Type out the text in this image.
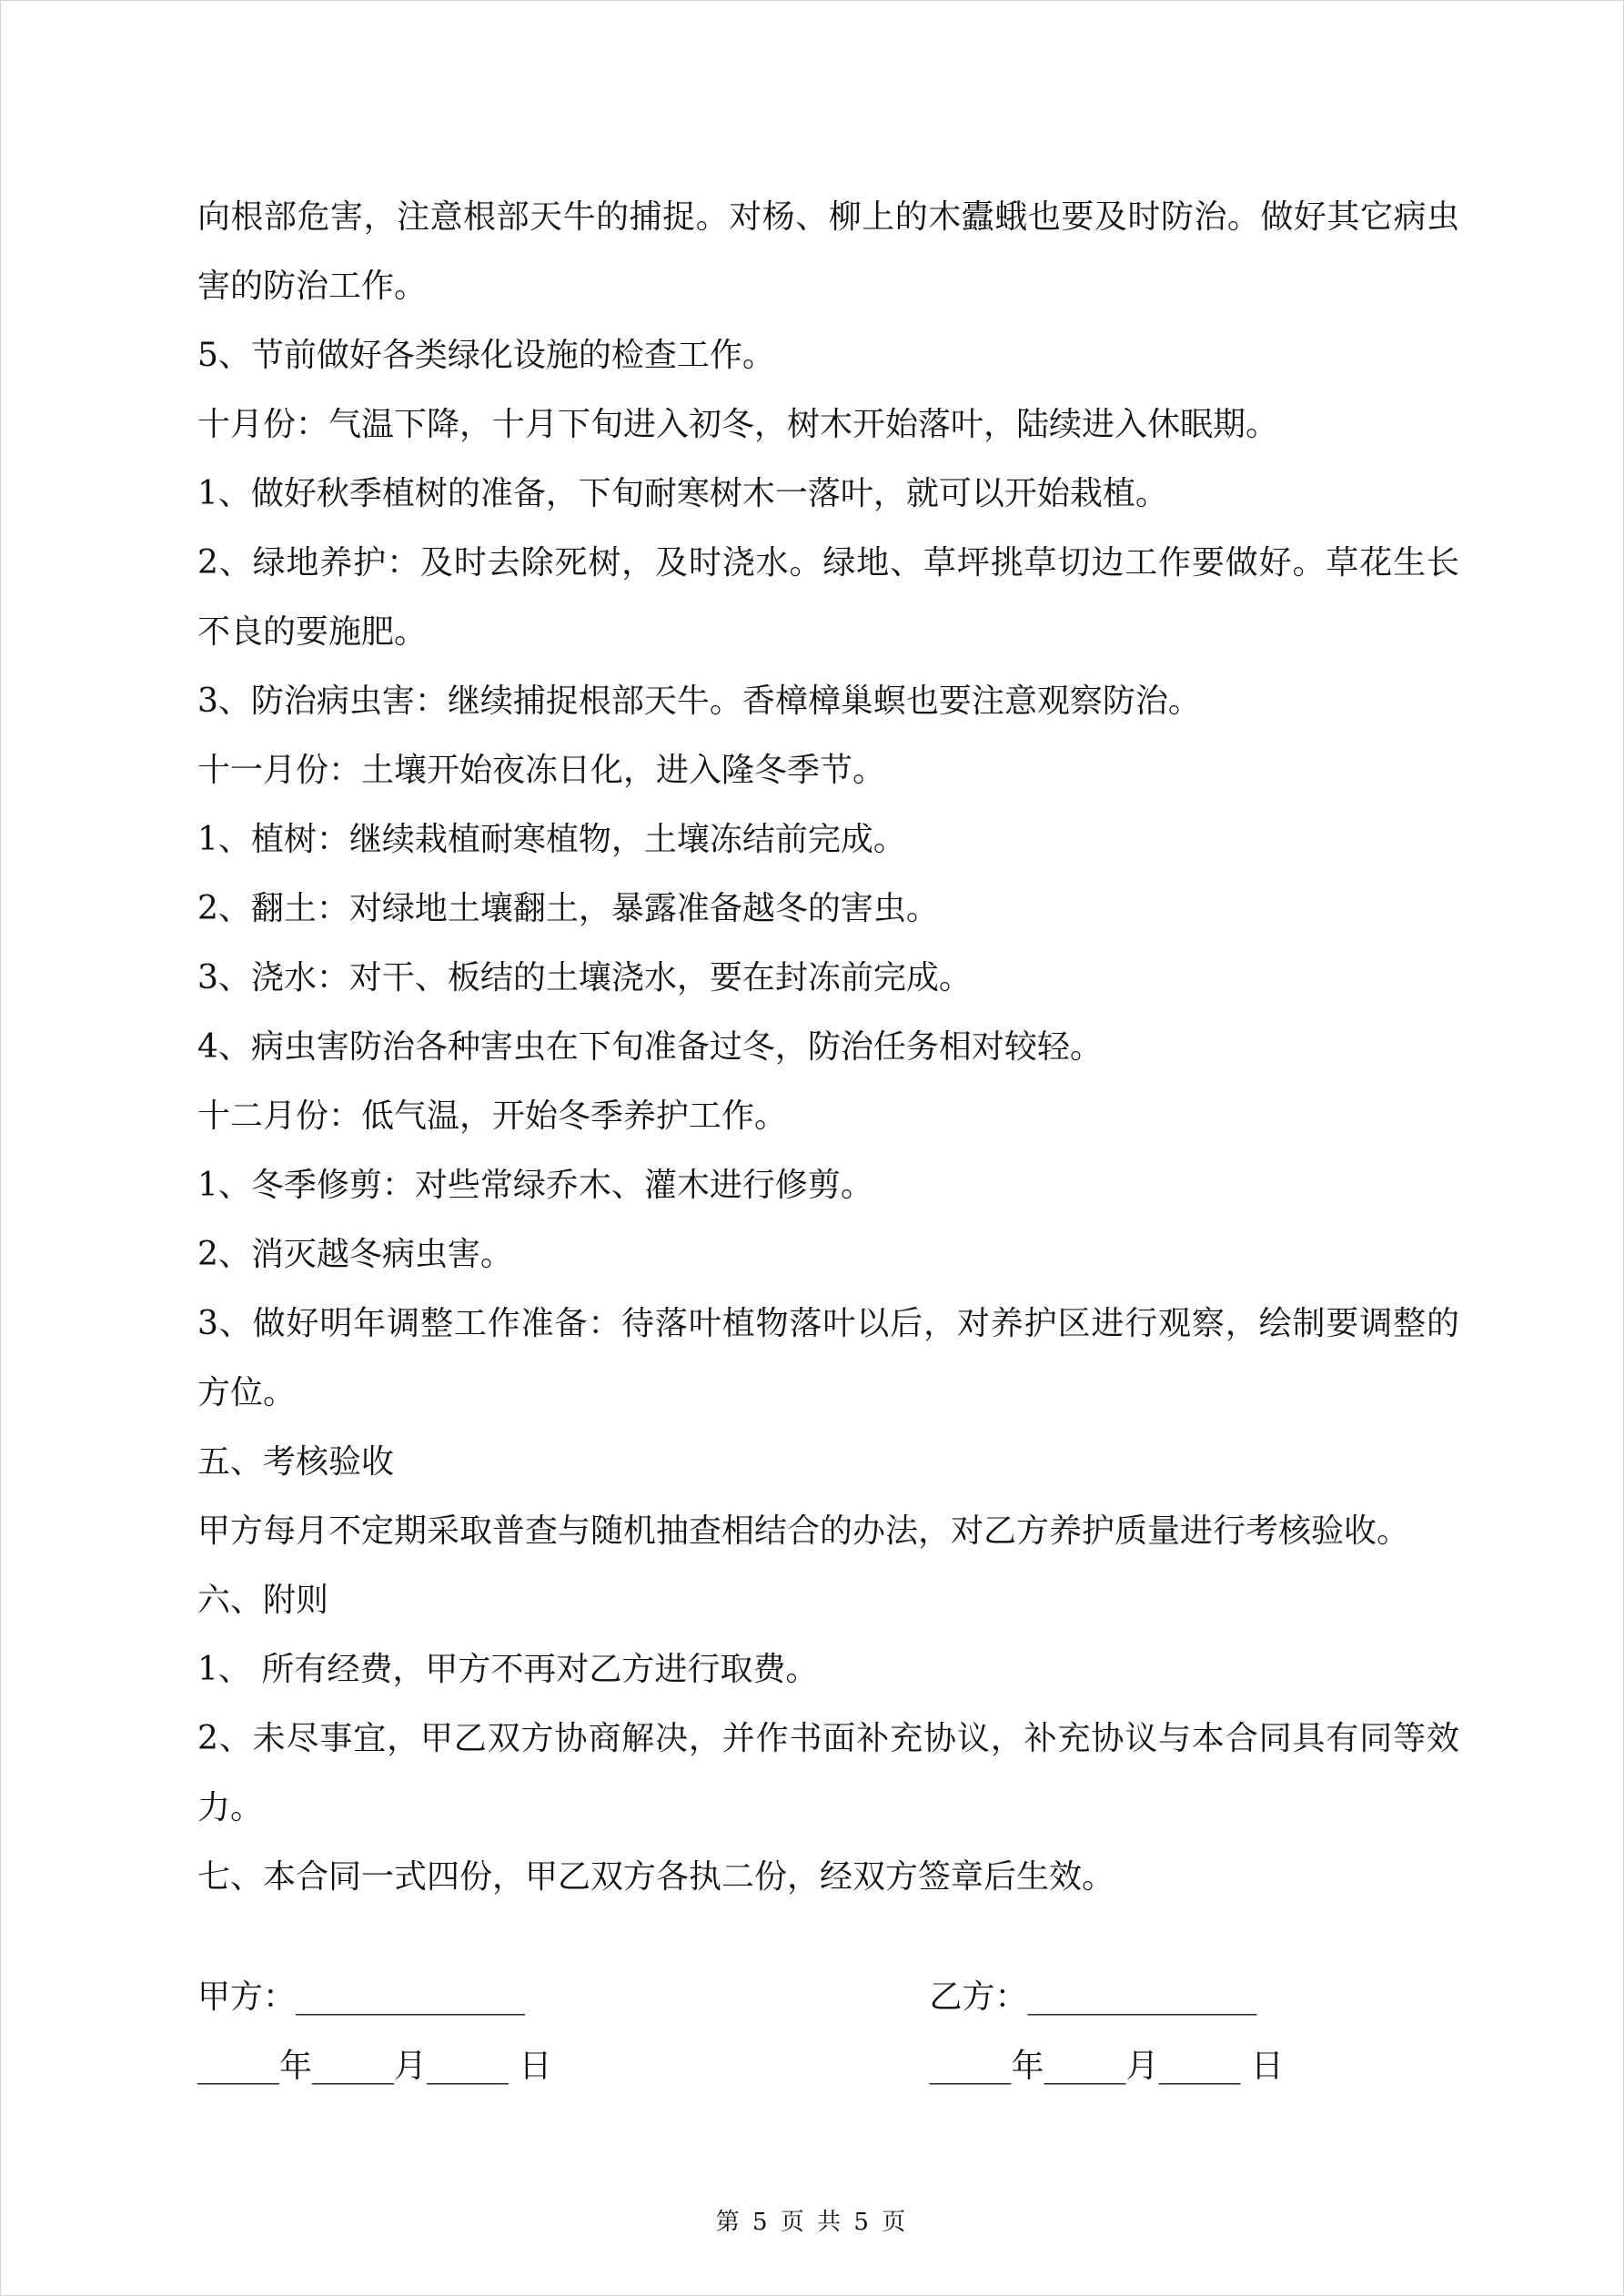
向根部危害，注意根部天牛的捕捉。对杨、柳上的木蠹蛾也要及时防治。做好其它病虫害的防治工作。

5、节前做好各类绿化设施的检查工作。

十月份：气温下降，十月下旬进入初冬，树木开始落叶，陆续进入休眠期。

1、做好秋季植树的准备，下旬耐寒树木一落叶，就可以开始栽植。

2、绿地养护：及时去除死树，及时浇水。绿地、草坪挑草切边工作要做好。草花生长不良的要施肥。

3、防治病虫害：继续捕捉根部天牛。香樟樟巢螟也要注意观察防治。

十一月份：土壤开始夜冻日化，进入隆冬季节。

1、植树：继续栽植耐寒植物，土壤冻结前完成。

2、翻土：对绿地土壤翻土，暴露准备越冬的害虫。

3、浇水：对干、板结的土壤浇水，要在封冻前完成。

4、病虫害防治各种害虫在下旬准备过冬，防治任务相对较轻。

十二月份：低气温，开始冬季养护工作。

1、冬季修剪：对些常绿乔木、灌木进行修剪。

2、消灭越冬病虫害。

3、做好明年调整工作准备：待落叶植物落叶以后，对养护区进行观察，绘制要调整的方位。

五、考核验收

甲方每月不定期采取普查与随机抽查相结合的办法，对乙方养护质量进行考核验收。

六、附则

1、 所有经费，甲方不再对乙方进行取费。

2、未尽事宜，甲乙双方协商解决，并作书面补充协议，补充协议与本合同具有同等效力。

七、本合同一式四份，甲乙双方各执二份，经双方签章后生效。

甲方：______________

_____年_____月_____ 日

乙方：______________

_____年_____月_____ 日

第 5 页 共 5 页
